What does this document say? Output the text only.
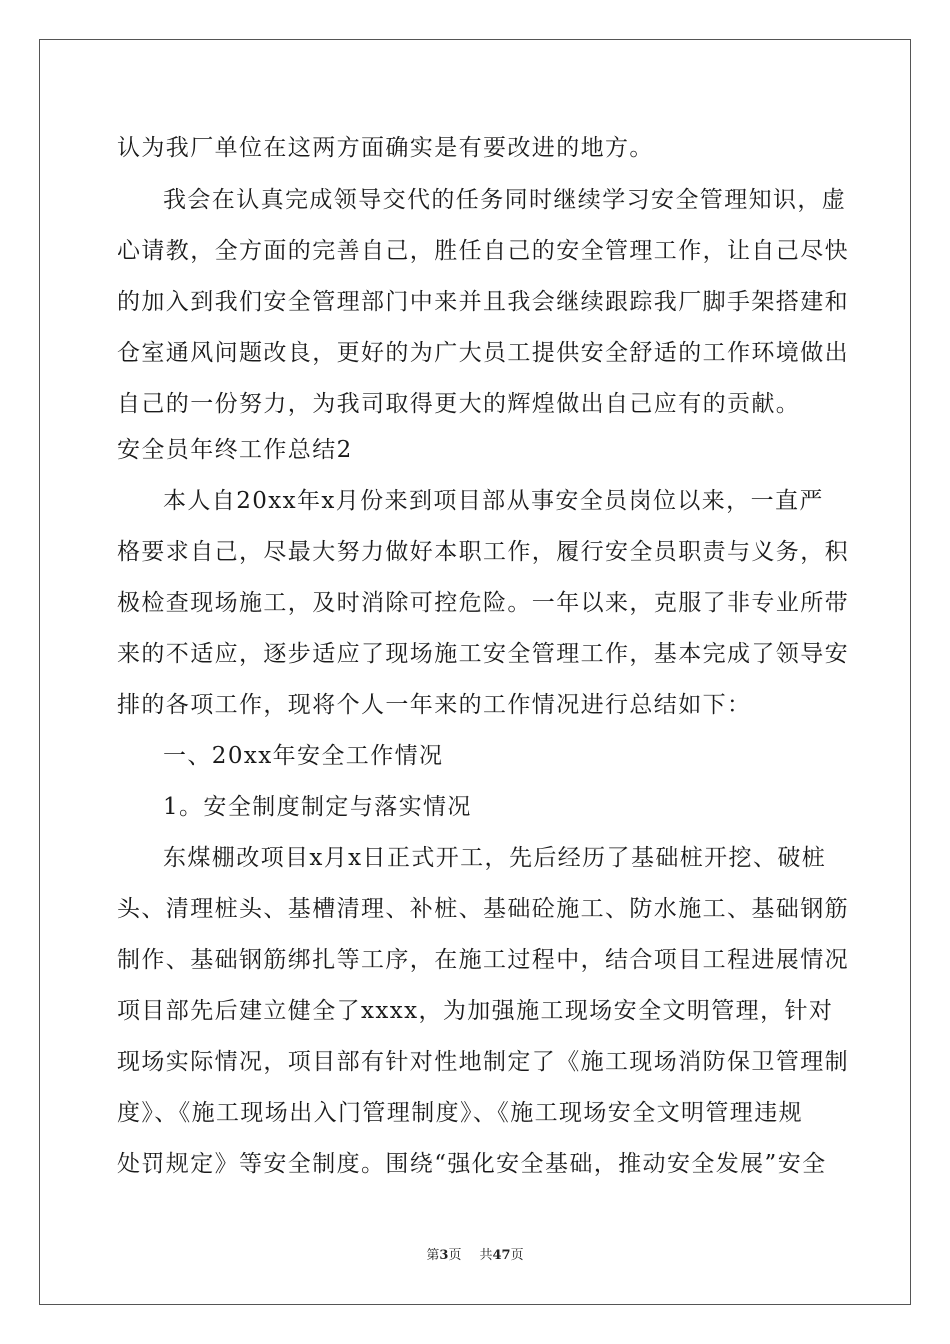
认为我厂单位在这两方面确实是有要改进的地方。
我会在认真完成领导交代的任务同时继续学习安全管理知识，虚
心请教，全方面的完善自己，胜任自己的安全管理工作，让自己尽快
的加入到我们安全管理部门中来并且我会继续跟踪我厂脚手架搭建和
仓室通风问题改良，更好的为广大员工提供安全舒适的工作环境做出
自己的一份努力，为我司取得更大的辉煌做出自己应有的贡献。
安全员年终工作总结2
本人自20xx年x月份来到项目部从事安全员岗位以来，一直严
格要求自己，尽最大努力做好本职工作，履行安全员职责与义务，积
极检查现场施工，及时消除可控危险。一年以来，克服了非专业所带
来的不适应，逐步适应了现场施工安全管理工作，基本完成了领导安
排的各项工作，现将个人一年来的工作情况进行总结如下：
一、20xx年安全工作情况
1。安全制度制定与落实情况
东煤棚改项目x月x日正式开工，先后经历了基础桩开挖、破桩
头、清理桩头、基槽清理、补桩、基础砼施工、防水施工、基础钢筋
制作、基础钢筋绑扎等工序，在施工过程中，结合项目工程进展情况
项目部先后建立健全了xxxx，为加强施工现场安全文明管理，针对
现场实际情况，项目部有针对性地制定了《施工现场消防保卫管理制
度》、《施工现场出入门管理制度》、《施工现场安全文明管理违规
处罚规定》等安全制度。围绕“强化安全基础，推动安全发展”安全
第3页 共47页
